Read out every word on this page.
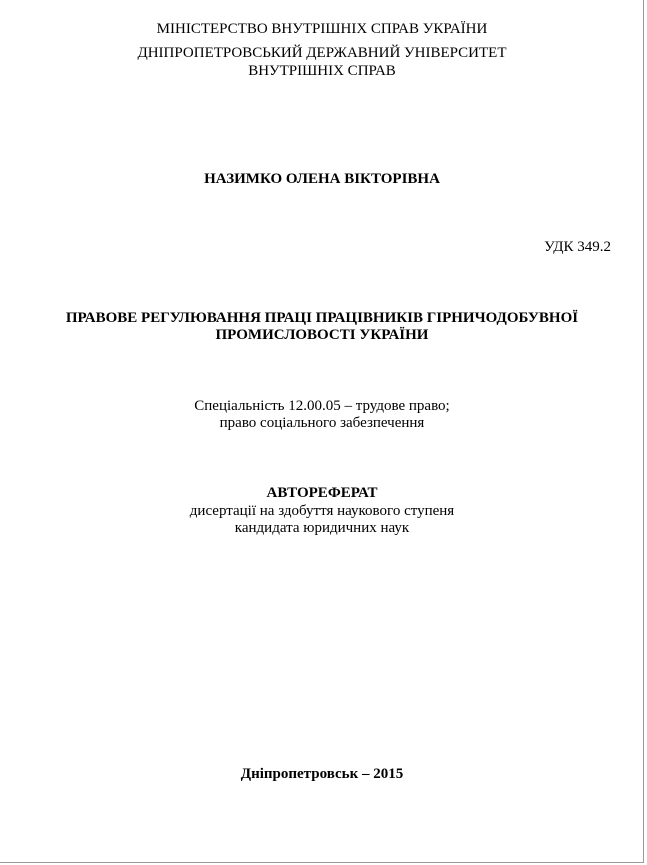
МІНІСТЕРСТВО ВНУТРІШНІХ СПРАВ УКРАЇНИ
ДНІПРОПЕТРОВСЬКИЙ ДЕРЖАВНИЙ УНІВЕРСИТЕТ
ВНУТРІШНІХ СПРАВ
НАЗИМКО ОЛЕНА ВІКТОРІВНА
УДК 349.2
ПРАВОВЕ РЕГУЛЮВАННЯ ПРАЦІ ПРАЦІВНИКІВ ГІРНИЧОДОБУВНОЇ
ПРОМИСЛОВОСТІ УКРАЇНИ
Спеціальність 12.00.05 – трудове право;
право соціального забезпечення
АВТОРЕФЕРАТ
дисертації на здобуття наукового ступеня
кандидата юридичних наук
Дніпропетровськ – 2015
